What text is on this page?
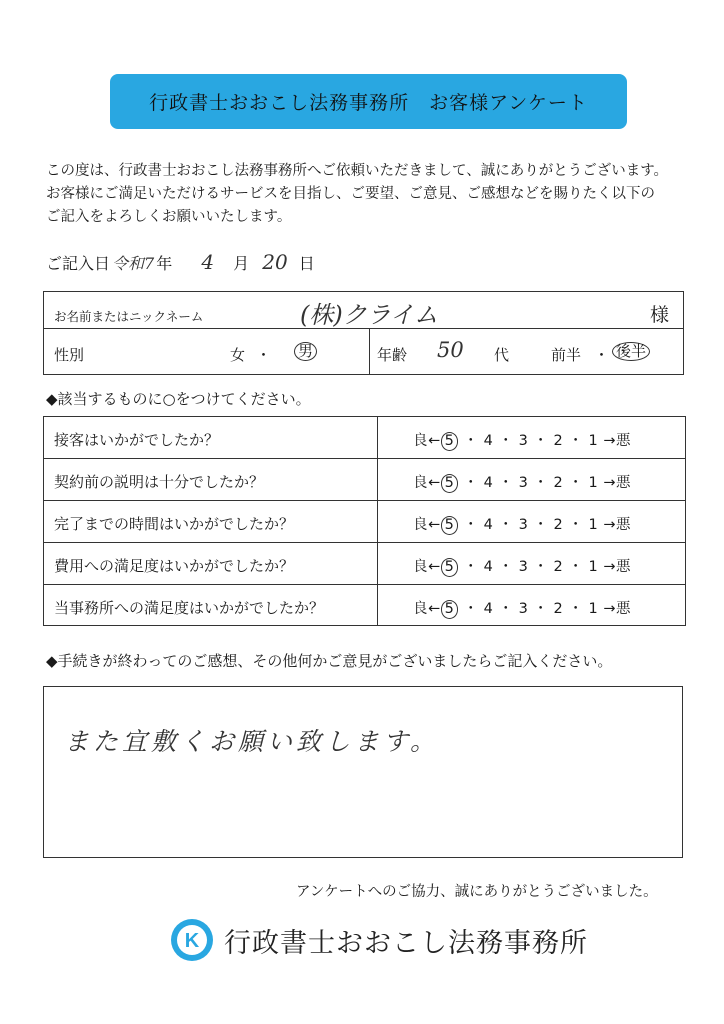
行政書士おおこし法務事務所　お客様アンケート
この度は、行政書士おおこし法務事務所へご依頼いただきまして、誠にありがとうございます。
お客様にご満足いただけるサービスを目指し、ご要望、ご意見、ご感想などを賜りたく以下の
ご記入をよろしくお願いいたします。
ご記入日 令和7 年 4 月 20 日
お名前またはニックネーム	(株)クライム	様
性別	女 ・ 男	年齢 50 代	前半 ・ 後半
◆該当するものに○をつけてください。
接客はいかがでしたか？	良← 5 ・ 4 ・ 3 ・ 2 ・ 1 →悪
契約前の説明は十分でしたか？	良← 5 ・ 4 ・ 3 ・ 2 ・ 1 →悪
完了までの時間はいかがでしたか？	良← 5 ・ 4 ・ 3 ・ 2 ・ 1 →悪
費用への満足度はいかがでしたか？	良← 5 ・ 4 ・ 3 ・ 2 ・ 1 →悪
当事務所への満足度はいかがでしたか？	良← 5 ・ 4 ・ 3 ・ 2 ・ 1 →悪
◆手続きが終わってのご感想、その他何かご意見がございましたらご記入ください。
また宜敷くお願い致します。
アンケートへのご協力、誠にありがとうございました。
K 行政書士おおこし法務事務所
